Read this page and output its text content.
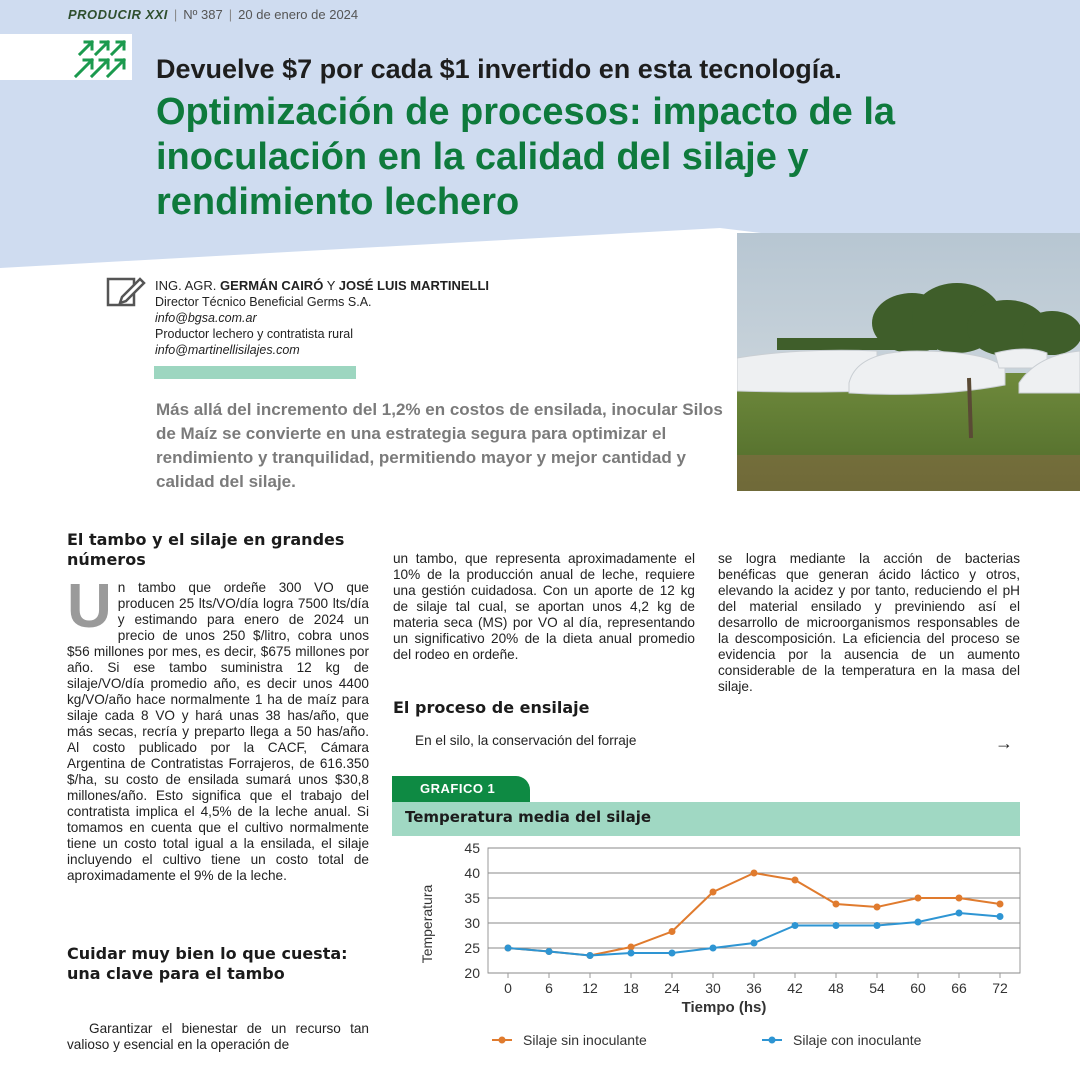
PRODUCIR XXI | Nº 387 | 20 de enero de 2024
Devuelve $7 por cada $1 invertido en esta tecnología.
Optimización de procesos: impacto de la inoculación en la calidad del silaje y rendimiento lechero
ING. AGR. GERMÁN CAIRÓ Y JOSÉ LUIS MARTINELLI
Director Técnico Beneficial Germs S.A.
info@bgsa.com.ar
Productor lechero y contratista rural
info@martinellisilajes.com

Más allá del incremento del 1,2% en costos de ensilada, inocular Silos de Maíz se convierte en una estrategia segura para optimizar el rendimiento y tranquilidad, permitiendo mayor y mejor cantidad y calidad del silaje.

El tambo y el silaje en grandes números
Un tambo que ordeñe 300 VO que producen 25 lts/VO/día logra 7500 lts/día y estimando para enero de 2024 un precio de unos 250 $/litro, cobra unos $56 millones por mes, es decir, $675 millones por año. Si ese tambo suministra 12 kg de silaje/VO/día promedio año, es decir unos 4400 kg/VO/año hace normalmente 1 ha de maíz para silaje cada 8 VO y hará unas 38 has/año, que más secas, recría y preparto llega a 50 has/año. Al costo publicado por la CACF, Cámara Argentina de Contratistas Forrajeros, de 616.350 $/ha, su costo de ensilada sumará unos $30,8 millones/año. Esto significa que el trabajo del contratista implica el 4,5% de la leche anual. Si tomamos en cuenta que el cultivo normalmente tiene un costo total igual a la ensilada, el silaje incluyendo el cultivo tiene un costo total de aproximadamente el 9% de la leche.
Cuidar muy bien lo que cuesta: una clave para el tambo
Garantizar el bienestar de un recurso tan valioso y esencial en la operación de
un tambo, que representa aproximadamente el 10% de la producción anual de leche, requiere una gestión cuidadosa. Con un aporte de 12 kg de silaje tal cual, se aportan unos 4,2 kg de materia seca (MS) por VO al día, representando un significativo 20% de la dieta anual promedio del rodeo en ordeñe.
El proceso de ensilaje
En el silo, la conservación del forraje	→
se logra mediante la acción de bacterias benéficas que generan ácido láctico y otros, elevando la acidez y por tanto, reduciendo el pH del material ensilado y previniendo así el desarrollo de microorganismos responsables de la descomposición. La eficiencia del proceso se evidencia por la ausencia de un aumento considerable de la temperatura en la masa del silaje.
GRAFICO 1
Temperatura media del silaje
20
25
30
35
40
45
0 6 12 18 24 30 36 42 48 54 60 66 72
Silaje sin inoculante	Silaje con inoculante
Temperatura
Tiempo (hs)
